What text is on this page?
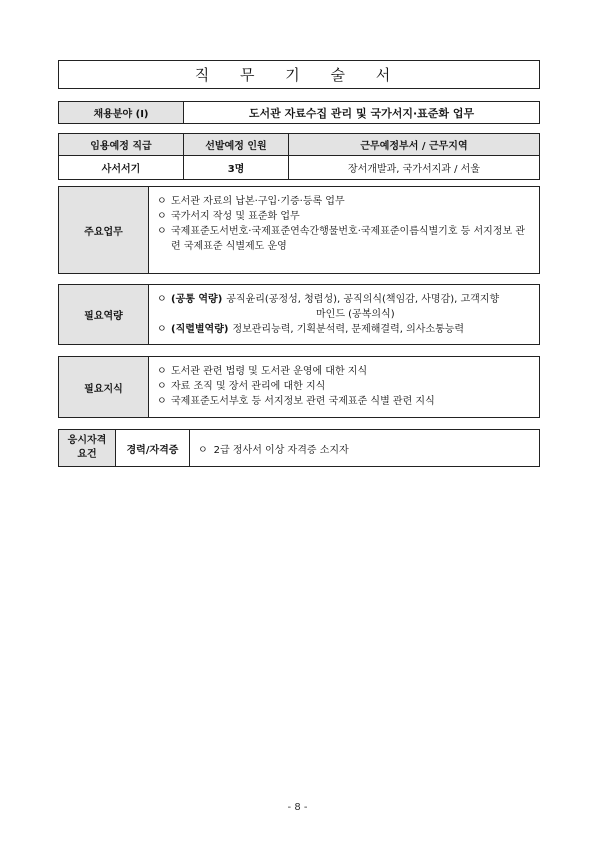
직 무 기 술 서
채용분야 (Ⅰ)	도서관 자료수집 관리 및 국가서지·표준화 업무
임용예정 직급	선발예정 인원	근무예정부서 / 근무지역
사서서기	3명	장서개발과, 국가서지과 / 서울
주요업무	
ㅇ 도서관 자료의 납본·구입·기증·등록 업무
ㅇ 국가서지 작성 및 표준화 업무
ㅇ 국제표준도서번호·국제표준연속간행물번호·국제표준이름식별기호 등 서지정보 관련 국제표준 식별제도 운영
필요역량	
ㅇ (공통 역량) 공직윤리(공정성, 청렴성), 공직의식(책임감, 사명감), 고객지향
마인드 (공복의식)
ㅇ (직렬별역량) 정보관리능력, 기획분석력, 문제해결력, 의사소통능력
필요지식	
ㅇ 도서관 관련 법령 및 도서관 운영에 대한 지식
ㅇ 자료 조직 및 장서 관리에 대한 지식
ㅇ 국제표준도서부호 등 서지정보 관련 국제표준 식별 관련 지식
응시자격
요건	경력/자격증	ㅇ 2급 정사서 이상 자격증 소지자
- 8 -
